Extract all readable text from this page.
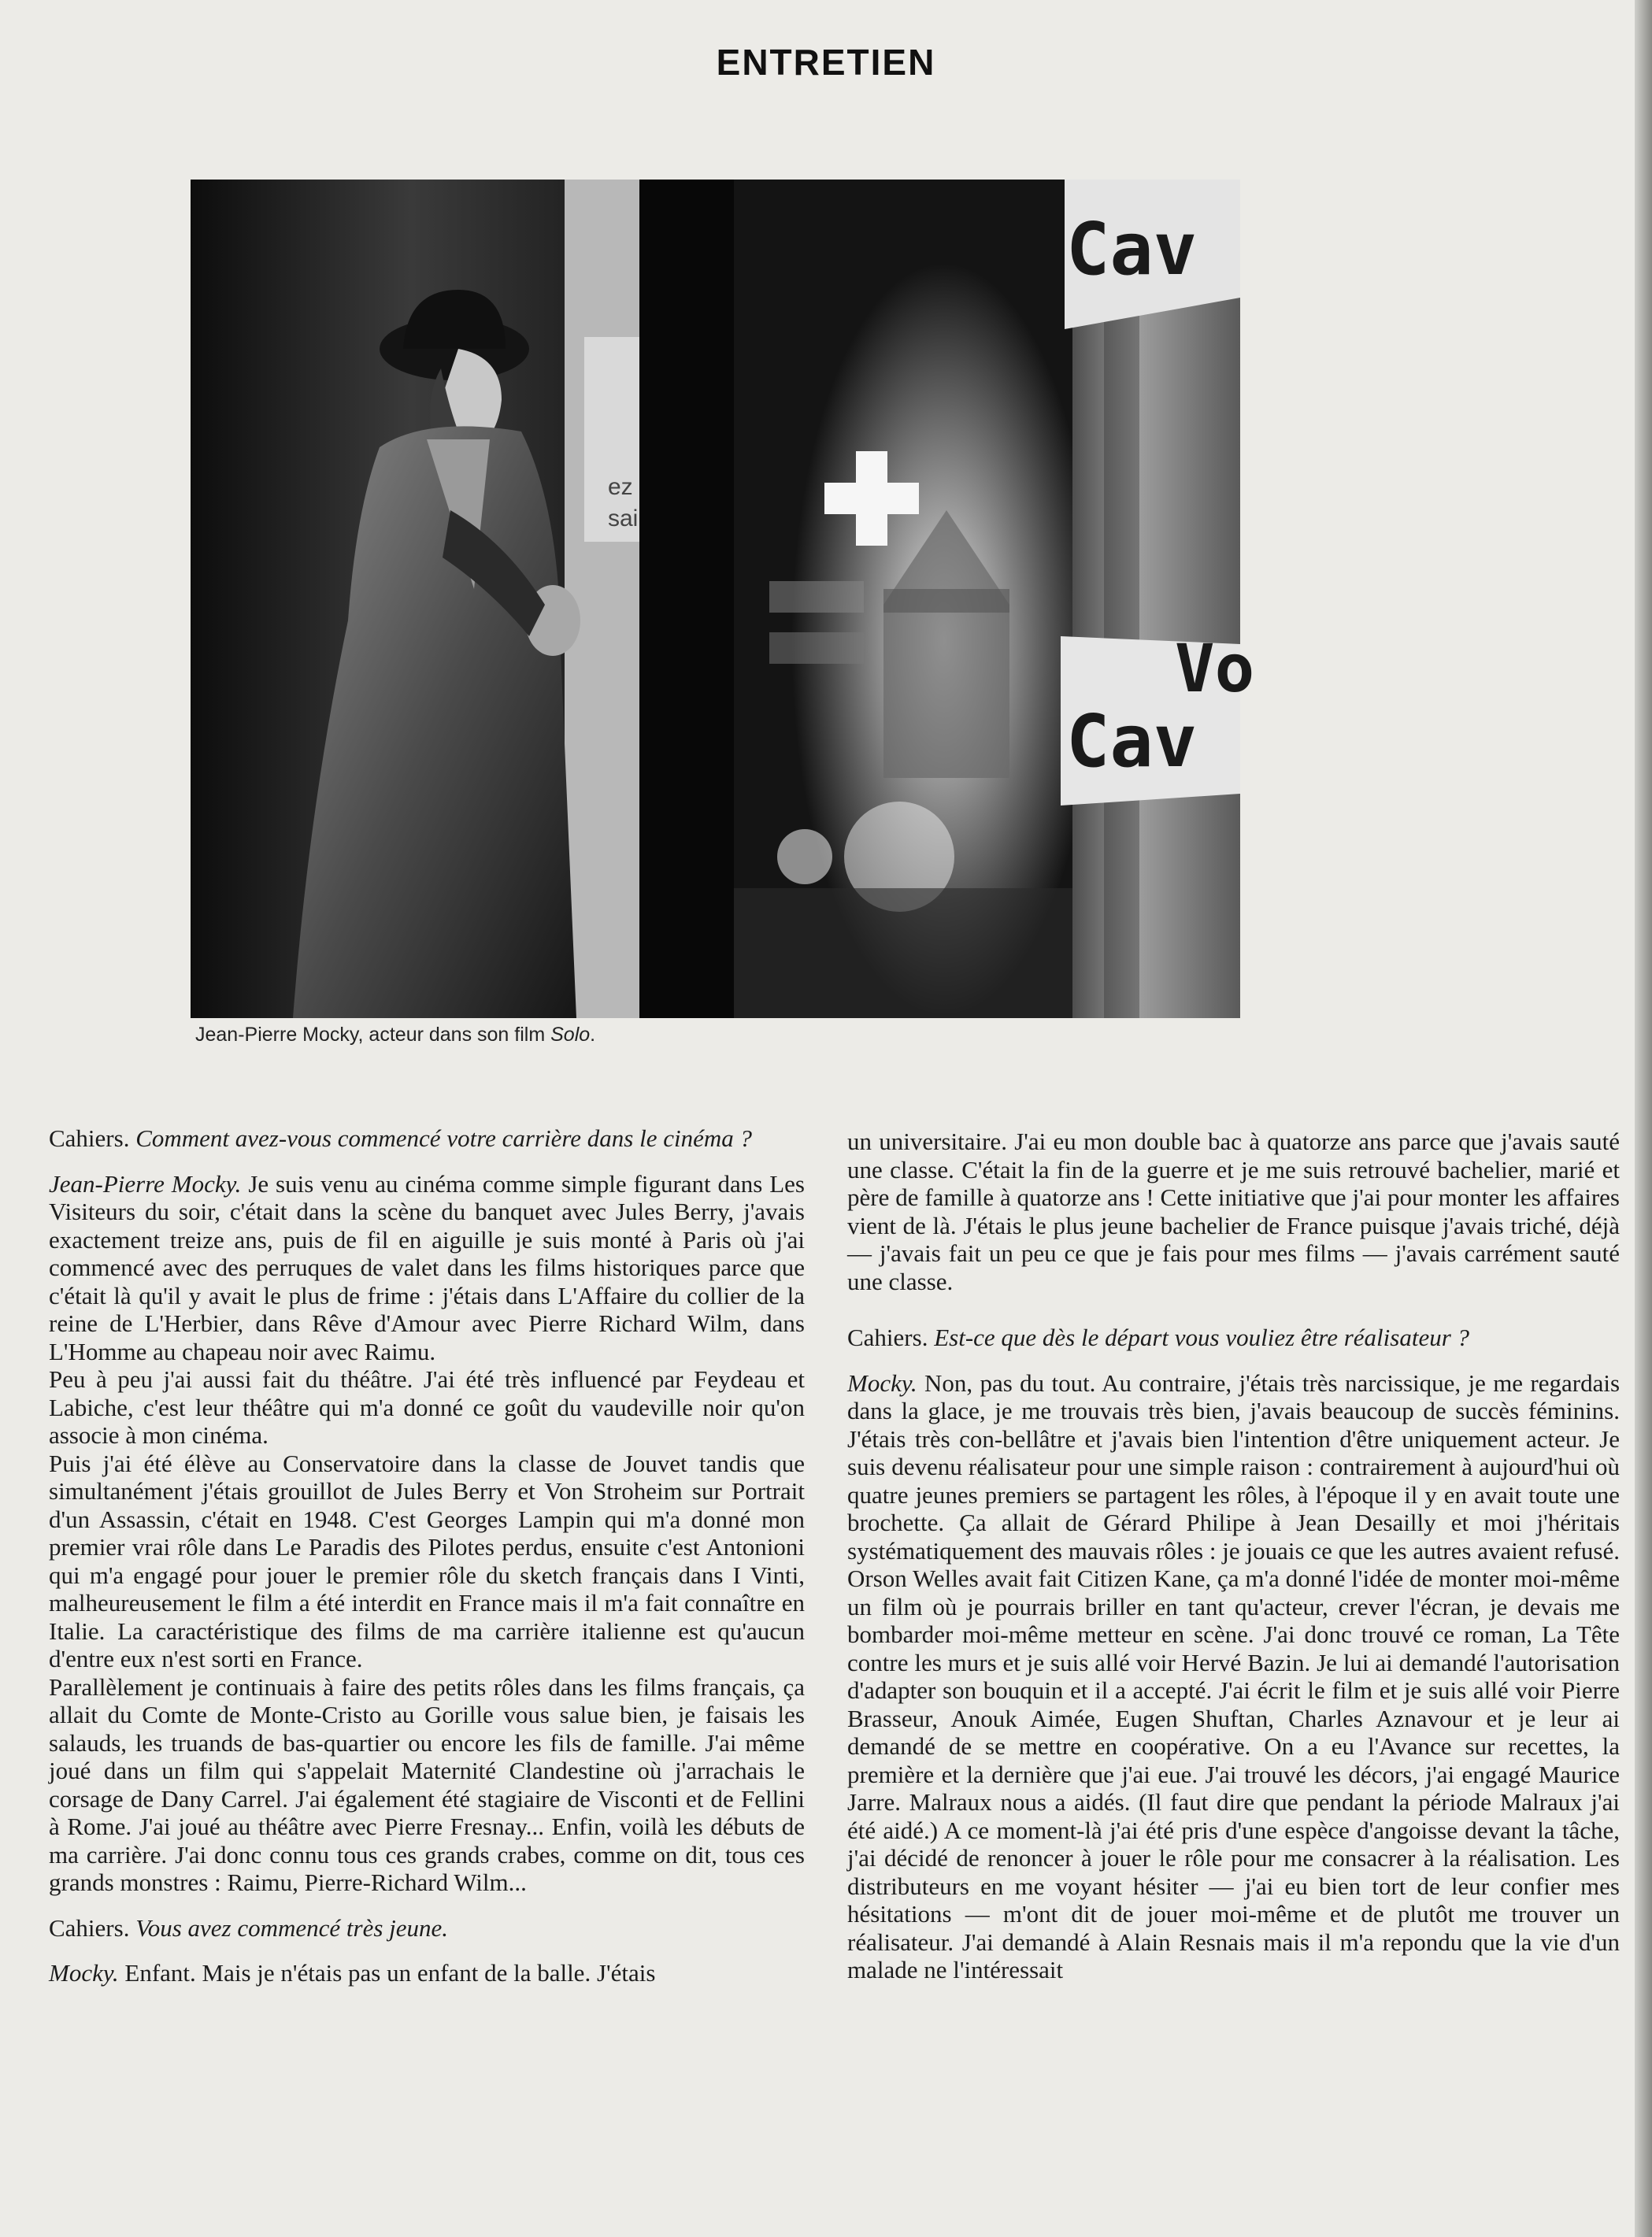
ENTRETIEN
ez
sai
Cav
Vo
Cav
Jean-Pierre Mocky, acteur dans son film Solo.

Cahiers. Comment avez-vous commencé votre carrière dans le cinéma ?

Jean-Pierre Mocky. Je suis venu au cinéma comme simple figurant dans Les Visiteurs du soir, c'était dans la scène du banquet avec Jules Berry, j'avais exactement treize ans, puis de fil en aiguille je suis monté à Paris où j'ai commencé avec des perruques de valet dans les films historiques parce que c'était là qu'il y avait le plus de frime : j'étais dans L'Affaire du collier de la reine de L'Herbier, dans Rêve d'Amour avec Pierre Richard Wilm, dans L'Homme au chapeau noir avec Raimu.

Peu à peu j'ai aussi fait du théâtre. J'ai été très influencé par Feydeau et Labiche, c'est leur théâtre qui m'a donné ce goût du vaudeville noir qu'on associe à mon cinéma.

Puis j'ai été élève au Conservatoire dans la classe de Jouvet tandis que simultanément j'étais grouillot de Jules Berry et Von Stroheim sur Portrait d'un Assassin, c'était en 1948. C'est Georges Lampin qui m'a donné mon premier vrai rôle dans Le Paradis des Pilotes perdus, ensuite c'est Antonioni qui m'a engagé pour jouer le premier rôle du sketch français dans I Vinti, malheureusement le film a été interdit en France mais il m'a fait connaître en Italie. La caractéristique des films de ma carrière italienne est qu'aucun d'entre eux n'est sorti en France.

Parallèlement je continuais à faire des petits rôles dans les films français, ça allait du Comte de Monte-Cristo au Gorille vous salue bien, je faisais les salauds, les truands de bas-quartier ou encore les fils de famille. J'ai même joué dans un film qui s'appelait Maternité Clandestine où j'arrachais le corsage de Dany Carrel. J'ai également été stagiaire de Visconti et de Fellini à Rome. J'ai joué au théâtre avec Pierre Fresnay... Enfin, voilà les débuts de ma carrière. J'ai donc connu tous ces grands crabes, comme on dit, tous ces grands monstres : Raimu, Pierre-Richard Wilm...

Cahiers. Vous avez commencé très jeune.

Mocky. Enfant. Mais je n'étais pas un enfant de la balle. J'étais

un universitaire. J'ai eu mon double bac à quatorze ans parce que j'avais sauté une classe. C'était la fin de la guerre et je me suis retrouvé bachelier, marié et père de famille à quatorze ans ! Cette initiative que j'ai pour monter les affaires vient de là. J'étais le plus jeune bachelier de France puisque j'avais triché, déjà — j'avais fait un peu ce que je fais pour mes films — j'avais carrément sauté une classe.

Cahiers. Est-ce que dès le départ vous vouliez être réalisateur ?

Mocky. Non, pas du tout. Au contraire, j'étais très narcissique, je me regardais dans la glace, je me trouvais très bien, j'avais beaucoup de succès féminins. J'étais très con-bellâtre et j'avais bien l'intention d'être uniquement acteur. Je suis devenu réalisateur pour une simple raison : contrairement à aujourd'hui où quatre jeunes premiers se partagent les rôles, à l'époque il y en avait toute une brochette. Ça allait de Gérard Philipe à Jean Desailly et moi j'héritais systématiquement des mauvais rôles : je jouais ce que les autres avaient refusé. Orson Welles avait fait Citizen Kane, ça m'a donné l'idée de monter moi-même un film où je pourrais briller en tant qu'acteur, crever l'écran, je devais me bombarder moi-même metteur en scène. J'ai donc trouvé ce roman, La Tête contre les murs et je suis allé voir Hervé Bazin. Je lui ai demandé l'autorisation d'adapter son bouquin et il a accepté. J'ai écrit le film et je suis allé voir Pierre Brasseur, Anouk Aimée, Eugen Shuftan, Charles Aznavour et je leur ai demandé de se mettre en coopérative. On a eu l'Avance sur recettes, la première et la dernière que j'ai eue. J'ai trouvé les décors, j'ai engagé Maurice Jarre. Malraux nous a aidés. (Il faut dire que pendant la période Malraux j'ai été aidé.) A ce moment-là j'ai été pris d'une espèce d'angoisse devant la tâche, j'ai décidé de renoncer à jouer le rôle pour me consacrer à la réalisation. Les distributeurs en me voyant hésiter — j'ai eu bien tort de leur confier mes hésitations — m'ont dit de jouer moi-même et de plutôt me trouver un réalisateur. J'ai demandé à Alain Resnais mais il m'a repondu que la vie d'un malade ne l'intéressait
